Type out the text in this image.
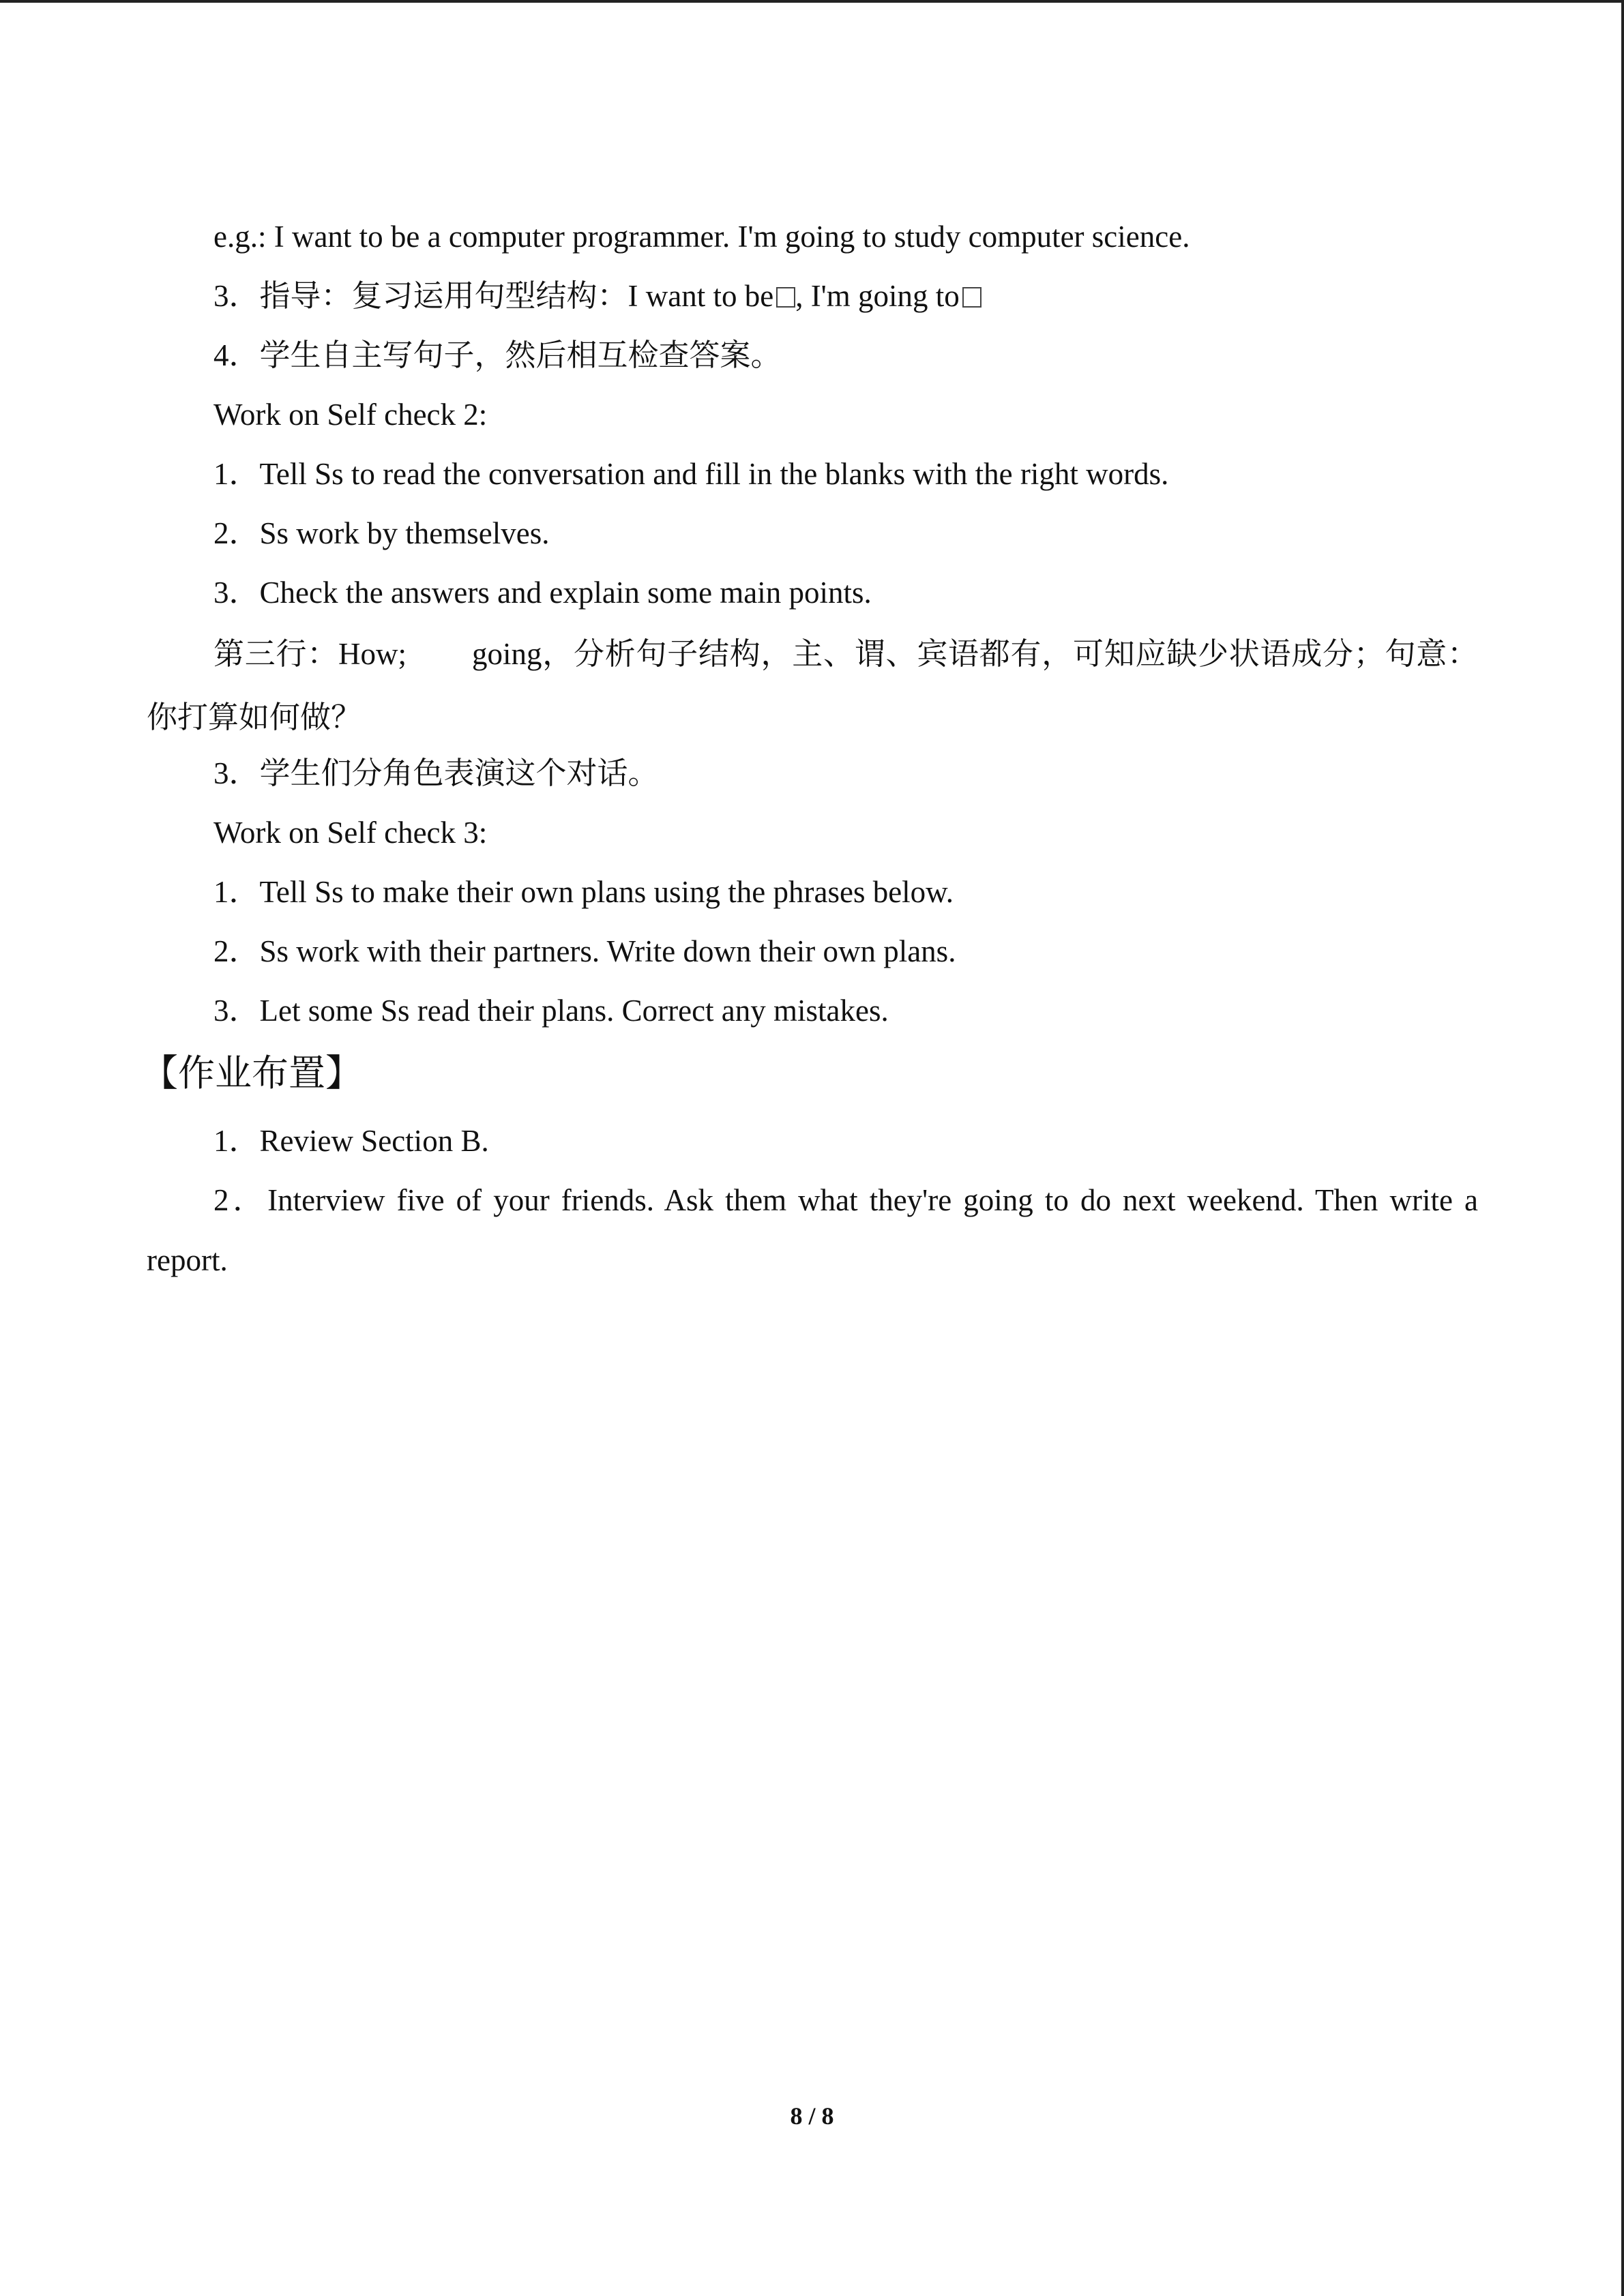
e.g.: I want to be a computer programmer. I'm going to study computer science.
3．指导：复习运用句型结构：I want to be , I'm going to
4．学生自主写句子，然后相互检查答案。
Work on Self check 2:
1．Tell Ss to read the conversation and fill in the blanks with the right words.
2．Ss work by themselves.
3．Check the answers and explain some main points.
第三行：How; going，分析句子结构，主、谓、宾语都有，可知应缺少状语成分；句意：你打算如何做？
3．学生们分角色表演这个对话。
Work on Self check 3:
1．Tell Ss to make their own plans using the phrases below.
2．Ss work with their partners. Write down their own plans.
3．Let some Ss read their plans. Correct any mistakes.
【作业布置】
1．Review Section B.
2．Interview five of your friends. Ask them what they're going to do next weekend. Then write a report.
8 / 8
